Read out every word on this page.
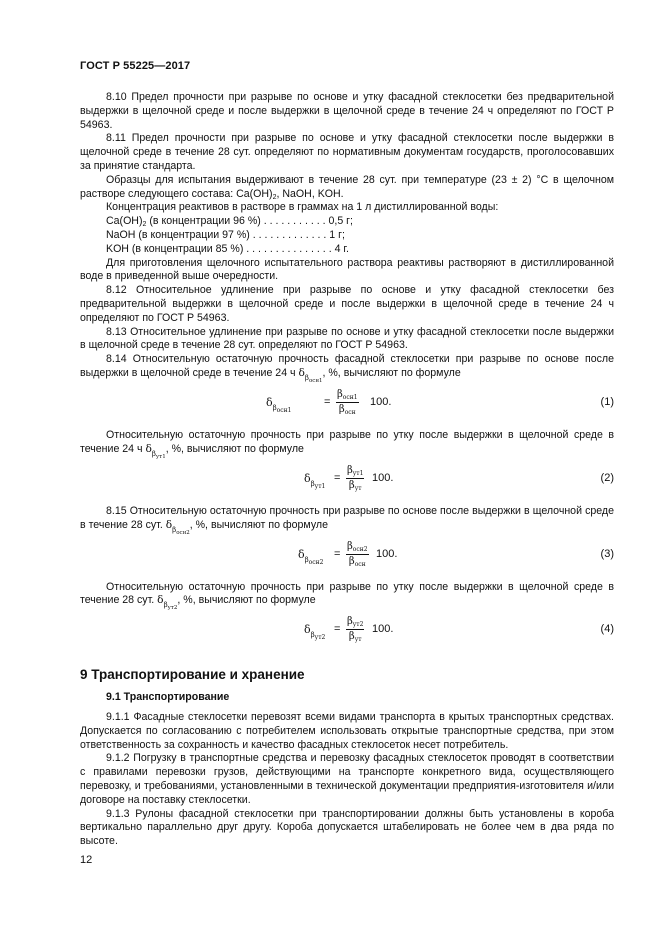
ГОСТ Р 55225—2017

8.10 Предел прочности при разрыве по основе и утку фасадной стеклосетки без предварительной выдержки в щелочной среде и после выдержки в щелочной среде в течение 24 ч определяют по ГОСТ Р 54963.

8.11 Предел прочности при разрыве по основе и утку фасадной стеклосетки после выдержки в щелочной среде в течение 28 сут. определяют по нормативным документам государств, проголосовавших за принятие стандарта.

Образцы для испытания выдерживают в течение 28 сут. при температуре (23 ± 2) °С в щелочном растворе следующего состава: $Ca(OH)_2$, NaOH, KOH.

Концентрация реактивов в растворе в граммах на 1 л дистиллированной воды:

$Ca(OH)_2$ (в концентрации 96 %) . . . . . . . . . . . 0,5 г;

NaOH (в концентрации 97 %) . . . . . . . . . . . . . 1 г;

KOH (в концентрации 85 %) . . . . . . . . . . . . . . . 4 г.

Для приготовления щелочного испытательного раствора реактивы растворяют в дистиллированной воде в приведенной выше очередности.

8.12 Относительное удлинение при разрыве по основе и утку фасадной стеклосетки без предварительной выдержки в щелочной среде и после выдержки в щелочной среде в течение 24 ч определяют по ГОСТ Р 54963.

8.13 Относительное удлинение при разрыве по основе и утку фасадной стеклосетки после выдержки в щелочной среде в течение 28 сут. определяют по ГОСТ Р 54963.

8.14 Относительную остаточную прочность фасадной стеклосетки при разрыве по основе после выдержки в щелочной среде в течение 24 ч $\delta_{\beta_{осн1}}$, %, вычисляют по формуле

$\delta_{\beta_{осн1}}$
=
$\beta_{осн1}$
$\beta_{осн}$
100.	(1)

Относительную остаточную прочность при разрыве по утку после выдержки в щелочной среде в течение 24 ч $\delta_{\beta_{ут1}}$, %, вычисляют по формуле

$\delta_{\beta_{ут1}}$
=
$\beta_{ут1}$
$\beta_{ут}$
100.	(2)

8.15 Относительную остаточную прочность при разрыве по основе после выдержки в щелочной среде в течение 28 сут. $\delta_{\beta_{осн2}}$, %, вычисляют по формуле

$\delta_{\beta_{осн2}}$
=
$\beta_{осн2}$
$\beta_{осн}$
100.	(3)

Относительную остаточную прочность при разрыве по утку после выдержки в щелочной среде в течение 28 сут. $\delta_{\beta_{ут2}}$, %, вычисляют по формуле

$\delta_{\beta_{ут2}}$
=
$\beta_{ут2}$
$\beta_{ут}$
100.	(4)
9 Транспортирование и хранение
9.1 Транспортирование

9.1.1 Фасадные стеклосетки перевозят всеми видами транспорта в крытых транспортных средствах. Допускается по согласованию с потребителем использовать открытые транспортные средства, при этом ответственность за сохранность и качество фасадных стеклосеток несет потребитель.

9.1.2 Погрузку в транспортные средства и перевозку фасадных стеклосеток проводят в соответствии с правилами перевозки грузов, действующими на транспорте конкретного вида, осуществляющего перевозку, и требованиями, установленными в технической документации предприятия-изготовителя и/или договоре на поставку стеклосетки.

9.1.3 Рулоны фасадной стеклосетки при транспортировании должны быть установлены в короба вертикально параллельно друг другу. Короба допускается штабелировать не более чем в два ряда по высоте.

12
